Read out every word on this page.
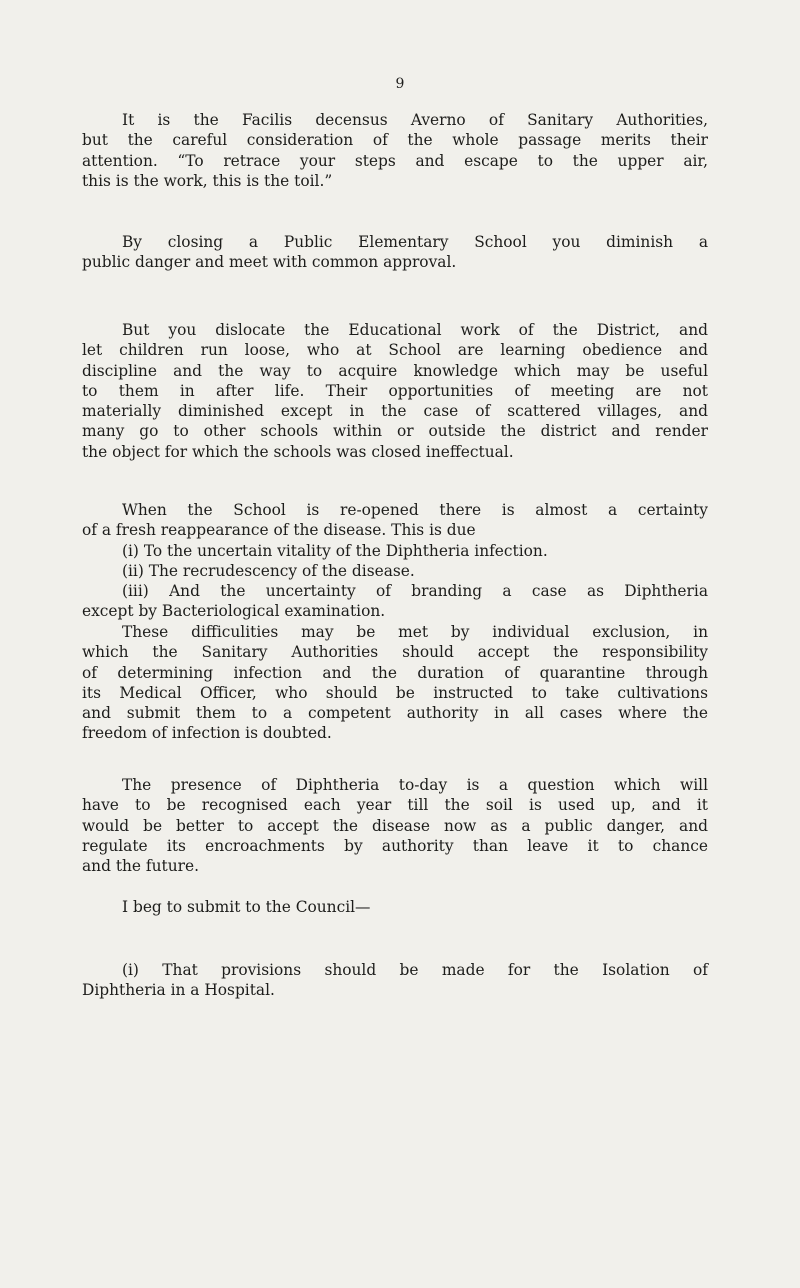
9
It is the Facilis decensus Averno of Sanitary Authorities,
but the careful consideration of the whole passage merits their
attention. “To retrace your steps and escape to the upper air,
this is the work, this is the toil.”
By closing a Public Elementary School you diminish a
public danger and meet with common approval.
But you dislocate the Educational work of the District, and
let children run loose, who at School are learning obedience and
discipline and the way to acquire knowledge which may be useful
to them in after life. Their opportunities of meeting are not
materially diminished except in the case of scattered villages, and
many go to other schools within or outside the district and render
the object for which the schools was closed ineffectual.
When the School is re-opened there is almost a certainty
of a fresh reappearance of the disease. This is due
(i) To the uncertain vitality of the Diphtheria infection.
(ii) The recrudescency of the disease.
(iii) And the uncertainty of branding a case as Diphtheria
except by Bacteriological examination.
These difficulities may be met by individual exclusion, in
which the Sanitary Authorities should accept the responsibility
of determining infection and the duration of quarantine through
its Medical Officer, who should be instructed to take cultivations
and submit them to a competent authority in all cases where the
freedom of infection is doubted.
The presence of Diphtheria to-day is a question which will
have to be recognised each year till the soil is used up, and it
would be better to accept the disease now as a public danger, and
regulate its encroachments by authority than leave it to chance
and the future.
I beg to submit to the Council—
(i) That provisions should be made for the Isolation of
Diphtheria in a Hospital.
